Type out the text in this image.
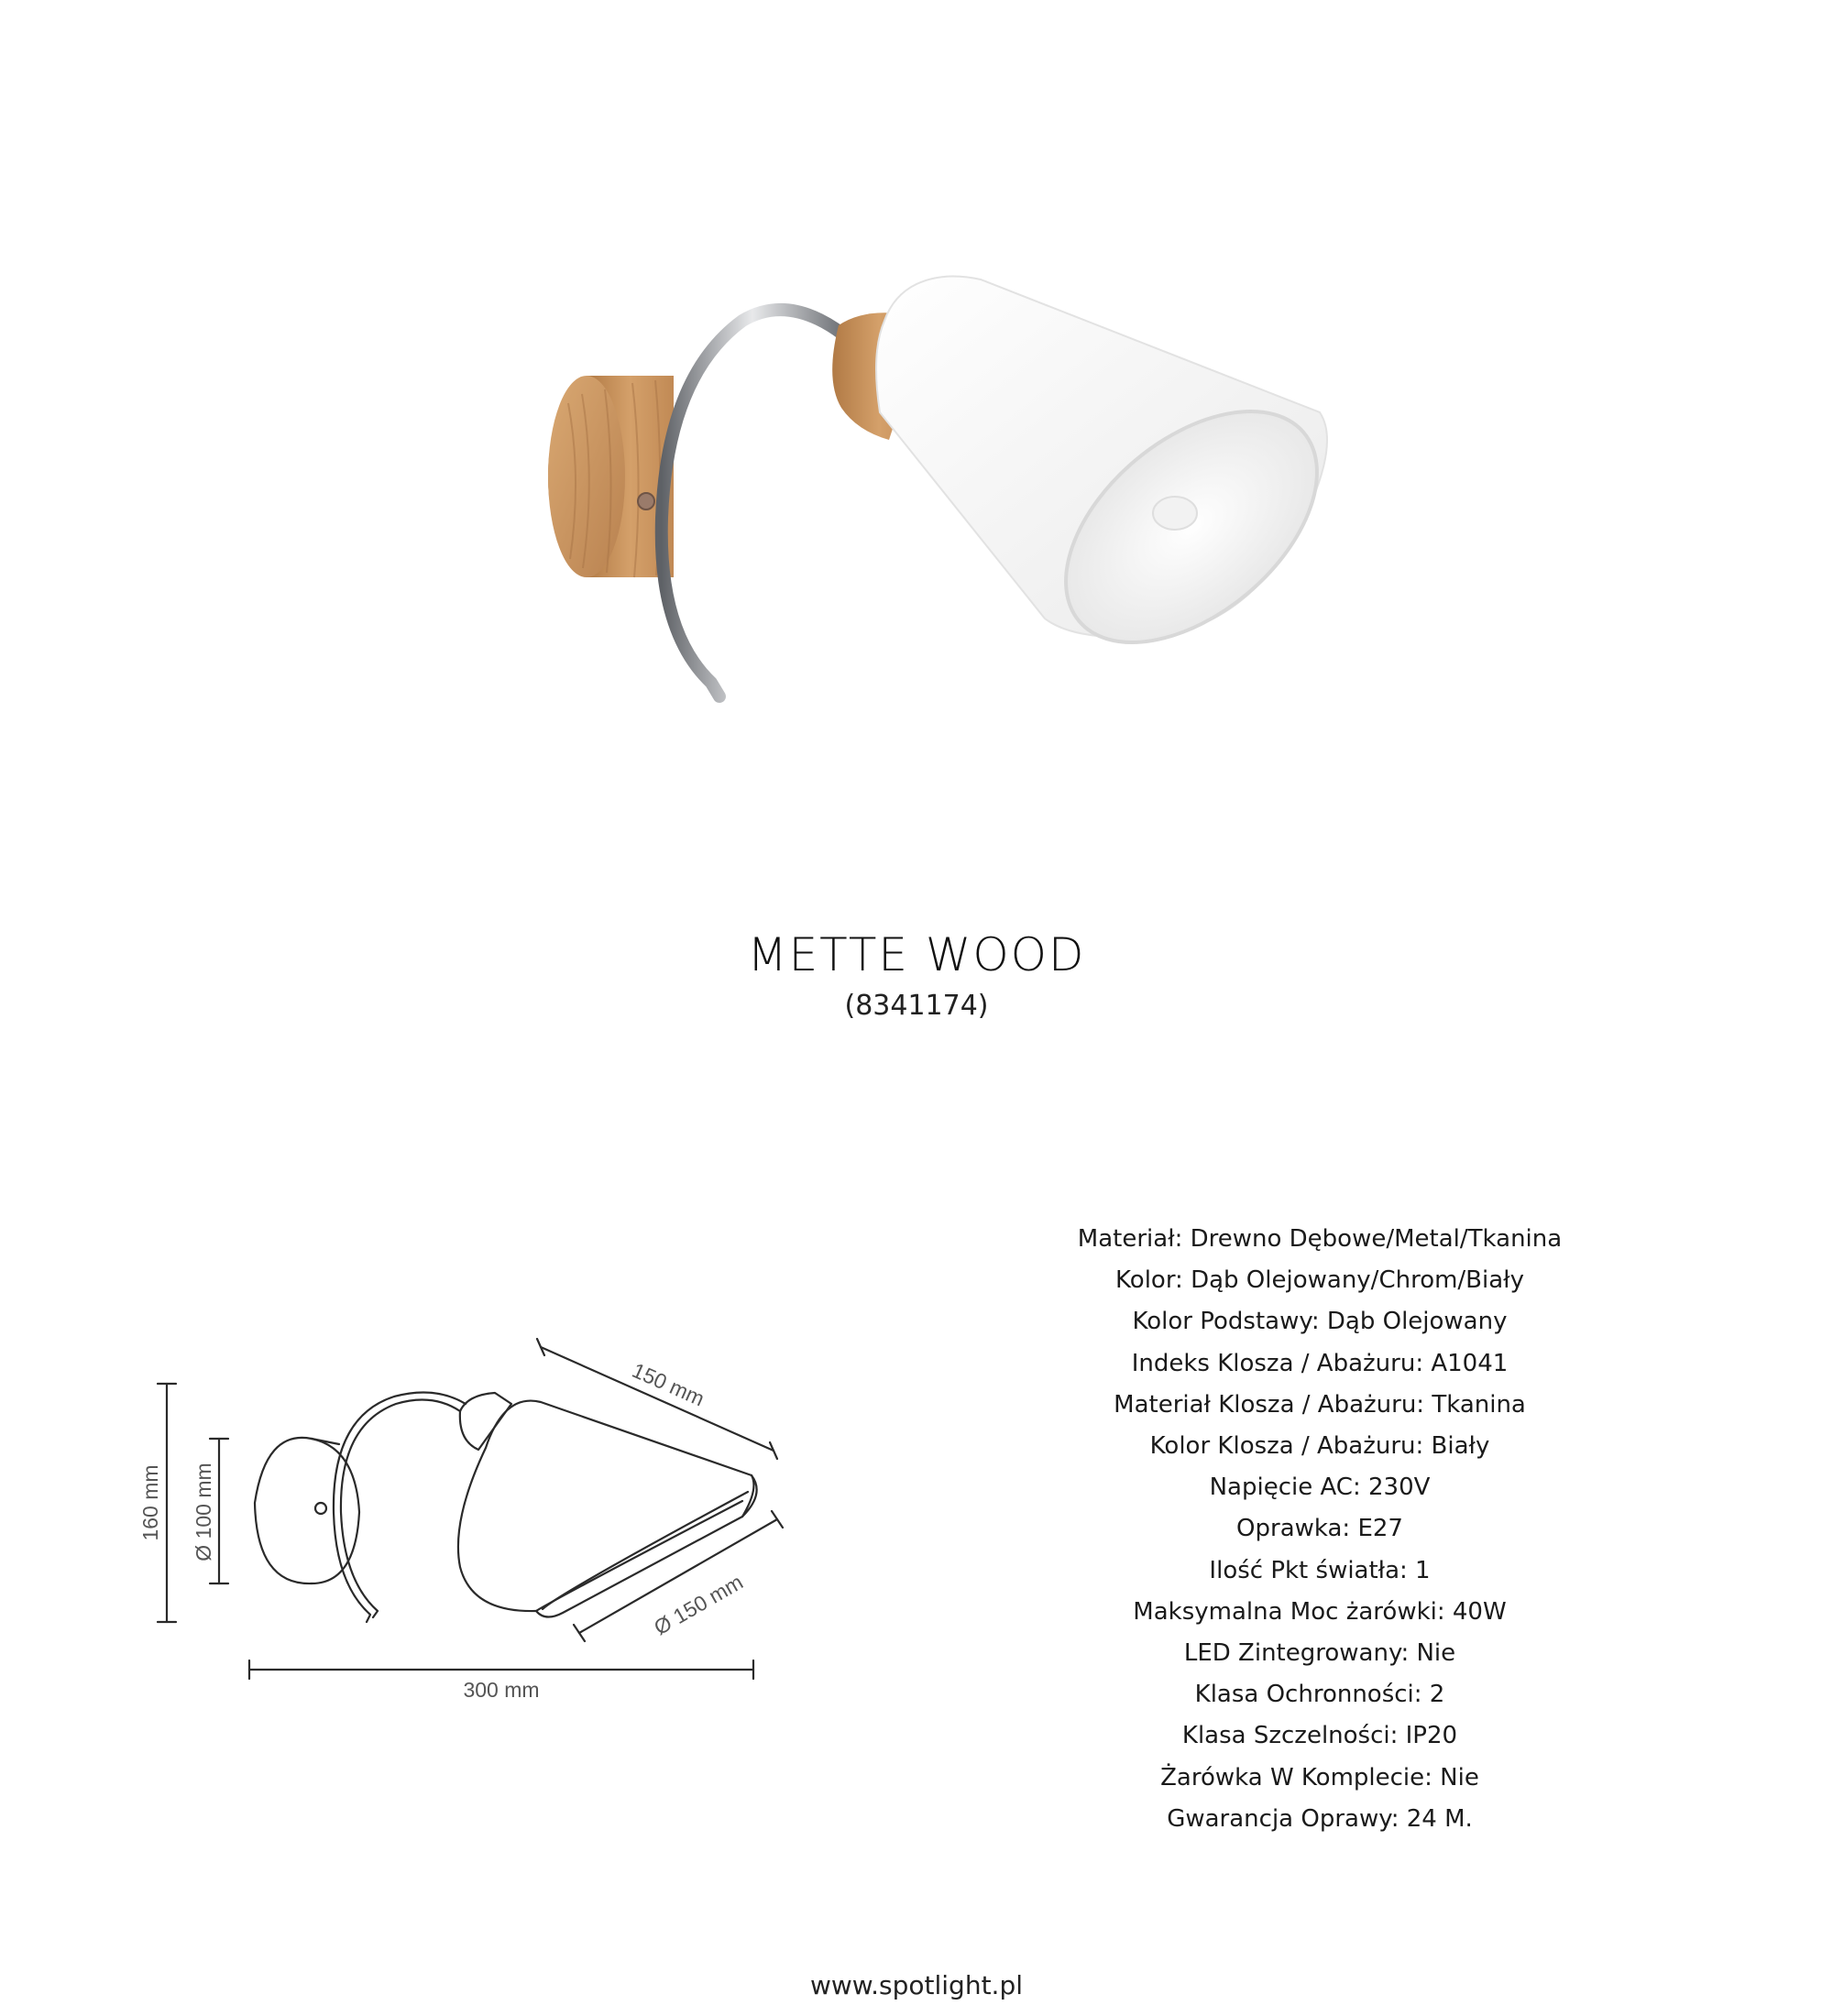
METTE WOOD
(8341174)
160 mm Ø 100 mm
150 mm
Ø 150 mm
300 mm
Materiał: Drewno Dębowe/Metal/Tkanina
Kolor: Dąb Olejowany/Chrom/Biały
Kolor Podstawy: Dąb Olejowany
Indeks Klosza / Abażuru: A1041
Materiał Klosza / Abażuru: Tkanina
Kolor Klosza / Abażuru: Biały
Napięcie AC: 230V
Oprawka: E27
Ilość Pkt światła: 1
Maksymalna Moc żarówki: 40W
LED Zintegrowany: Nie
Klasa Ochronności: 2
Klasa Szczelności: IP20
Żarówka W Komplecie: Nie
Gwarancja Oprawy: 24 M.
www.spotlight.pl
